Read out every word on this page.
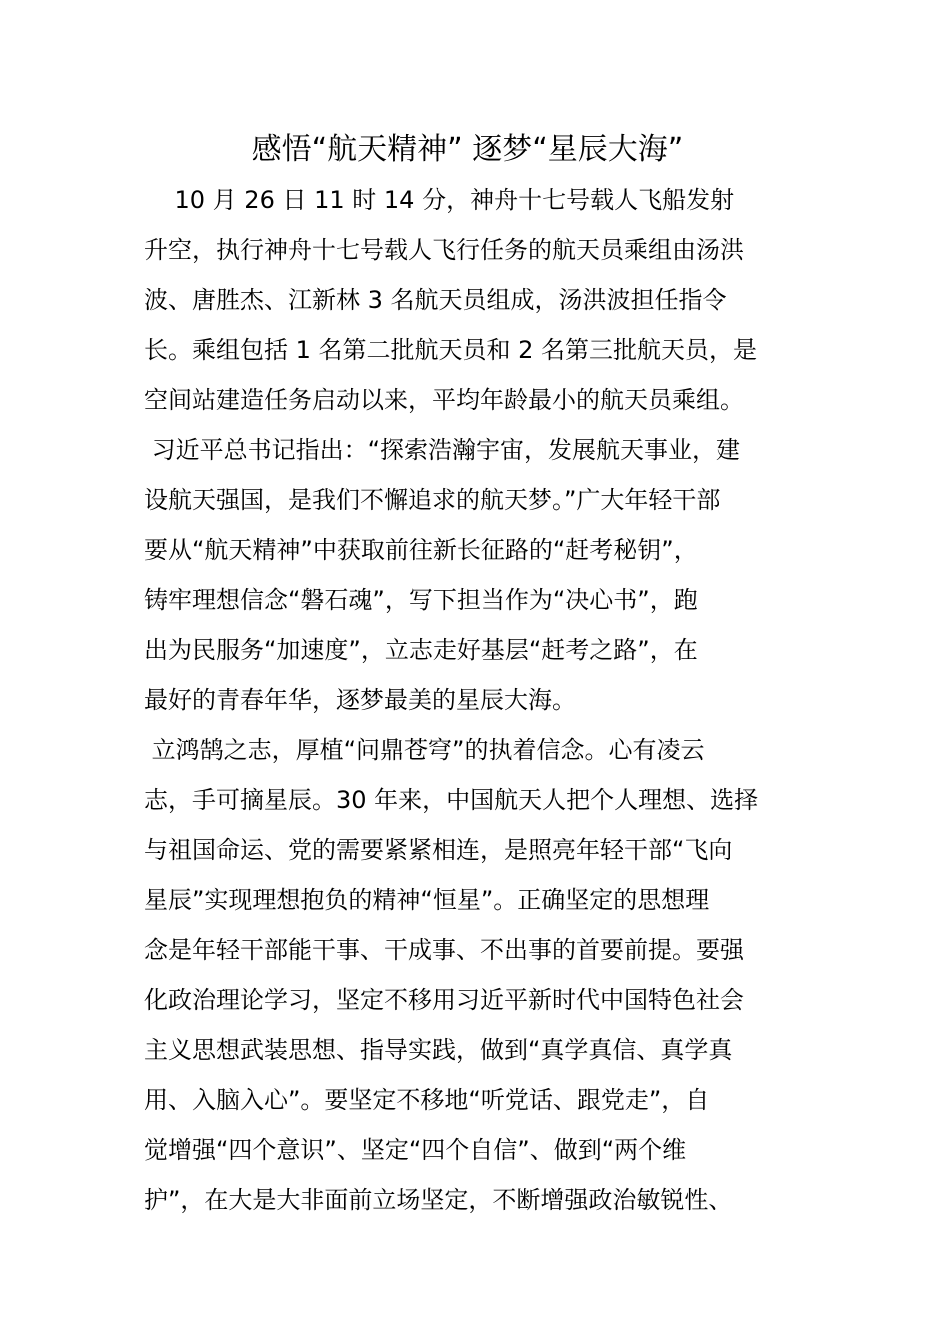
感悟“航天精神” 逐梦“星辰大海”
10 月 26 日 11 时 14 分，神舟十七号载人飞船发射
升空，执行神舟十七号载人飞行任务的航天员乘组由汤洪
波、唐胜杰、江新林 3 名航天员组成，汤洪波担任指令
长。乘组包括 1 名第二批航天员和 2 名第三批航天员，是
空间站建造任务启动以来，平均年龄最小的航天员乘组。
习近平总书记指出：“探索浩瀚宇宙，发展航天事业，建
设航天强国，是我们不懈追求的航天梦。”广大年轻干部
要从“航天精神”中获取前往新长征路的“赶考秘钥”，
铸牢理想信念“磐石魂”，写下担当作为“决心书”，跑
出为民服务“加速度”，立志走好基层“赶考之路”，在
最好的青春年华，逐梦最美的星辰大海。
立鸿鹄之志，厚植“问鼎苍穹”的执着信念。心有凌云
志，手可摘星辰。30 年来，中国航天人把个人理想、选择
与祖国命运、党的需要紧紧相连，是照亮年轻干部“飞向
星辰”实现理想抱负的精神“恒星”。正确坚定的思想理
念是年轻干部能干事、干成事、不出事的首要前提。要强
化政治理论学习，坚定不移用习近平新时代中国特色社会
主义思想武装思想、指导实践，做到“真学真信、真学真
用、入脑入心”。要坚定不移地“听党话、跟党走”，自
觉增强“四个意识”、坚定“四个自信”、做到“两个维
护”，在大是大非面前立场坚定，不断增强政治敏锐性、
